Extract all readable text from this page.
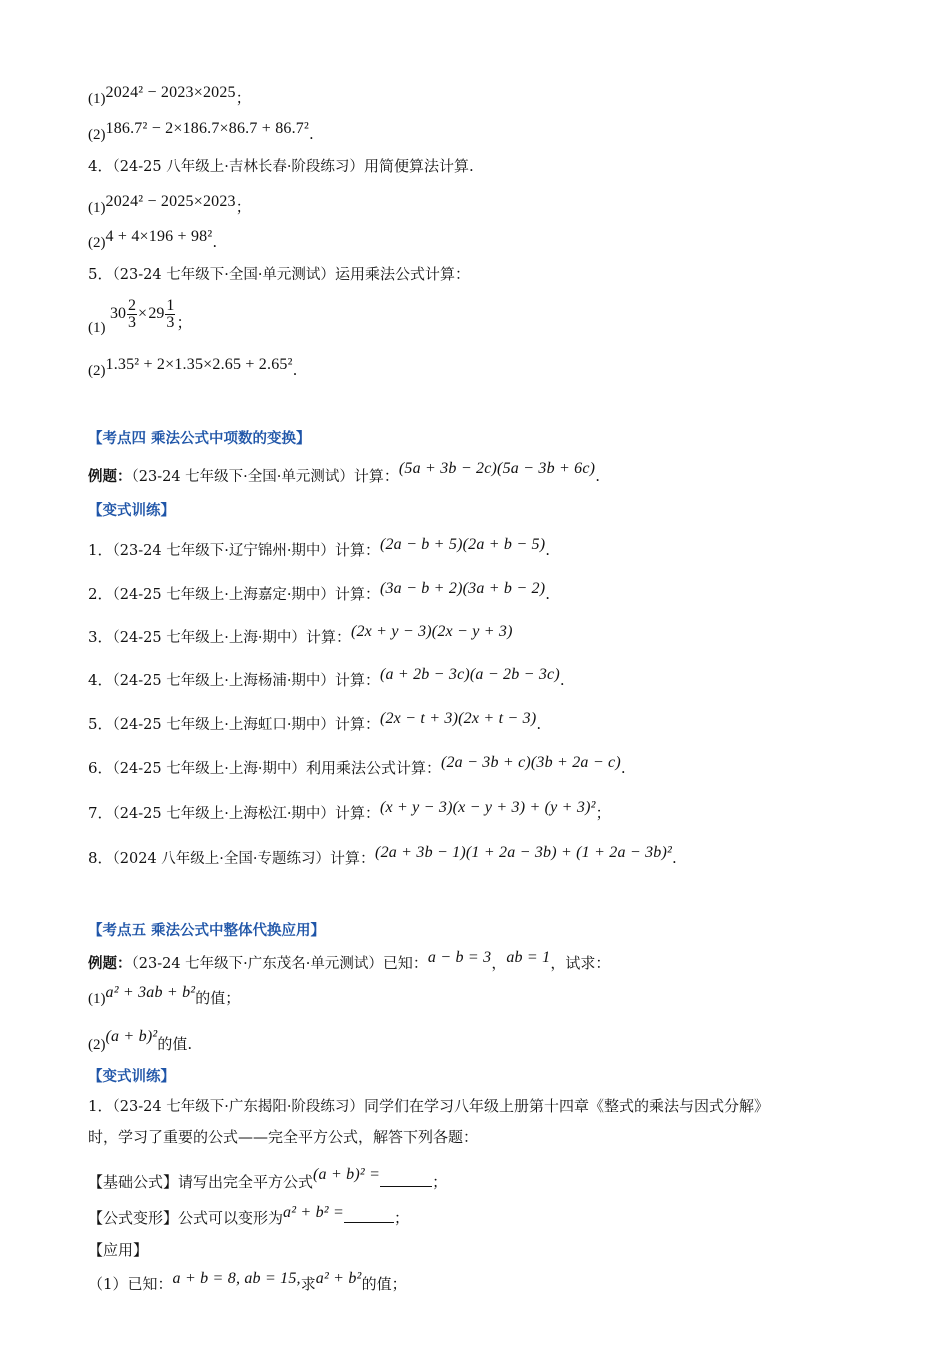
(1)2024² − 2023×2025；
(2)186.7² − 2×186.7×86.7 + 86.7².
4．（24-25 八年级上·吉林长春·阶段练习）用简便算法计算.
(1)2024² − 2025×2023；
(2)4 + 4×196 + 98².
5．（23-24 七年级下·全国·单元测试）运用乘法公式计算：
(1)
$30 \frac{2}{3}$ × $29 \frac{1}{3}$ ；
(2)1.35² + 2×1.35×2.65 + 2.65².
【考点四 乘法公式中项数的变换】
例题：（23-24 七年级下·全国·单元测试）计算：(5a + 3b − 2c)(5a − 3b + 6c).
【变式训练】
1．（23-24 七年级下·辽宁锦州·期中）计算：(2a − b + 5)(2a + b − 5).
2．（24-25 七年级上·上海嘉定·期中）计算：(3a − b + 2)(3a + b − 2).
3．（24-25 七年级上·上海·期中）计算：(2x + y − 3)(2x − y + 3)
4．（24-25 七年级上·上海杨浦·期中）计算：(a + 2b − 3c)(a − 2b − 3c).
5．（24-25 七年级上·上海虹口·期中）计算：(2x − t + 3)(2x + t − 3).
6．（24-25 七年级上·上海·期中）利用乘法公式计算：(2a − 3b + c)(3b + 2a − c).
7．（24-25 七年级上·上海松江·期中）计算：(x + y − 3)(x − y + 3) + (y + 3)²；
8．（2024 八年级上·全国·专题练习）计算：(2a + 3b − 1)(1 + 2a − 3b) + (1 + 2a − 3b)².
【考点五 乘法公式中整体代换应用】
例题：（23-24 七年级下·广东茂名·单元测试）已知：a − b = 3，ab = 1，试求：
(1)a² + 3ab + b²的值；
(2)(a + b)²的值.
【变式训练】
1．（23-24 七年级下·广东揭阳·阶段练习）同学们在学习八年级上册第十四章《整式的乘法与因式分解》
时，学习了重要的公式——完全平方公式，解答下列各题：
【基础公式】请写出完全平方公式(a + b)² =	；
【公式变形】公式可以变形为a² + b² =	；
【应用】
（1）已知：a + b = 8, ab = 15,求a² + b²的值；
